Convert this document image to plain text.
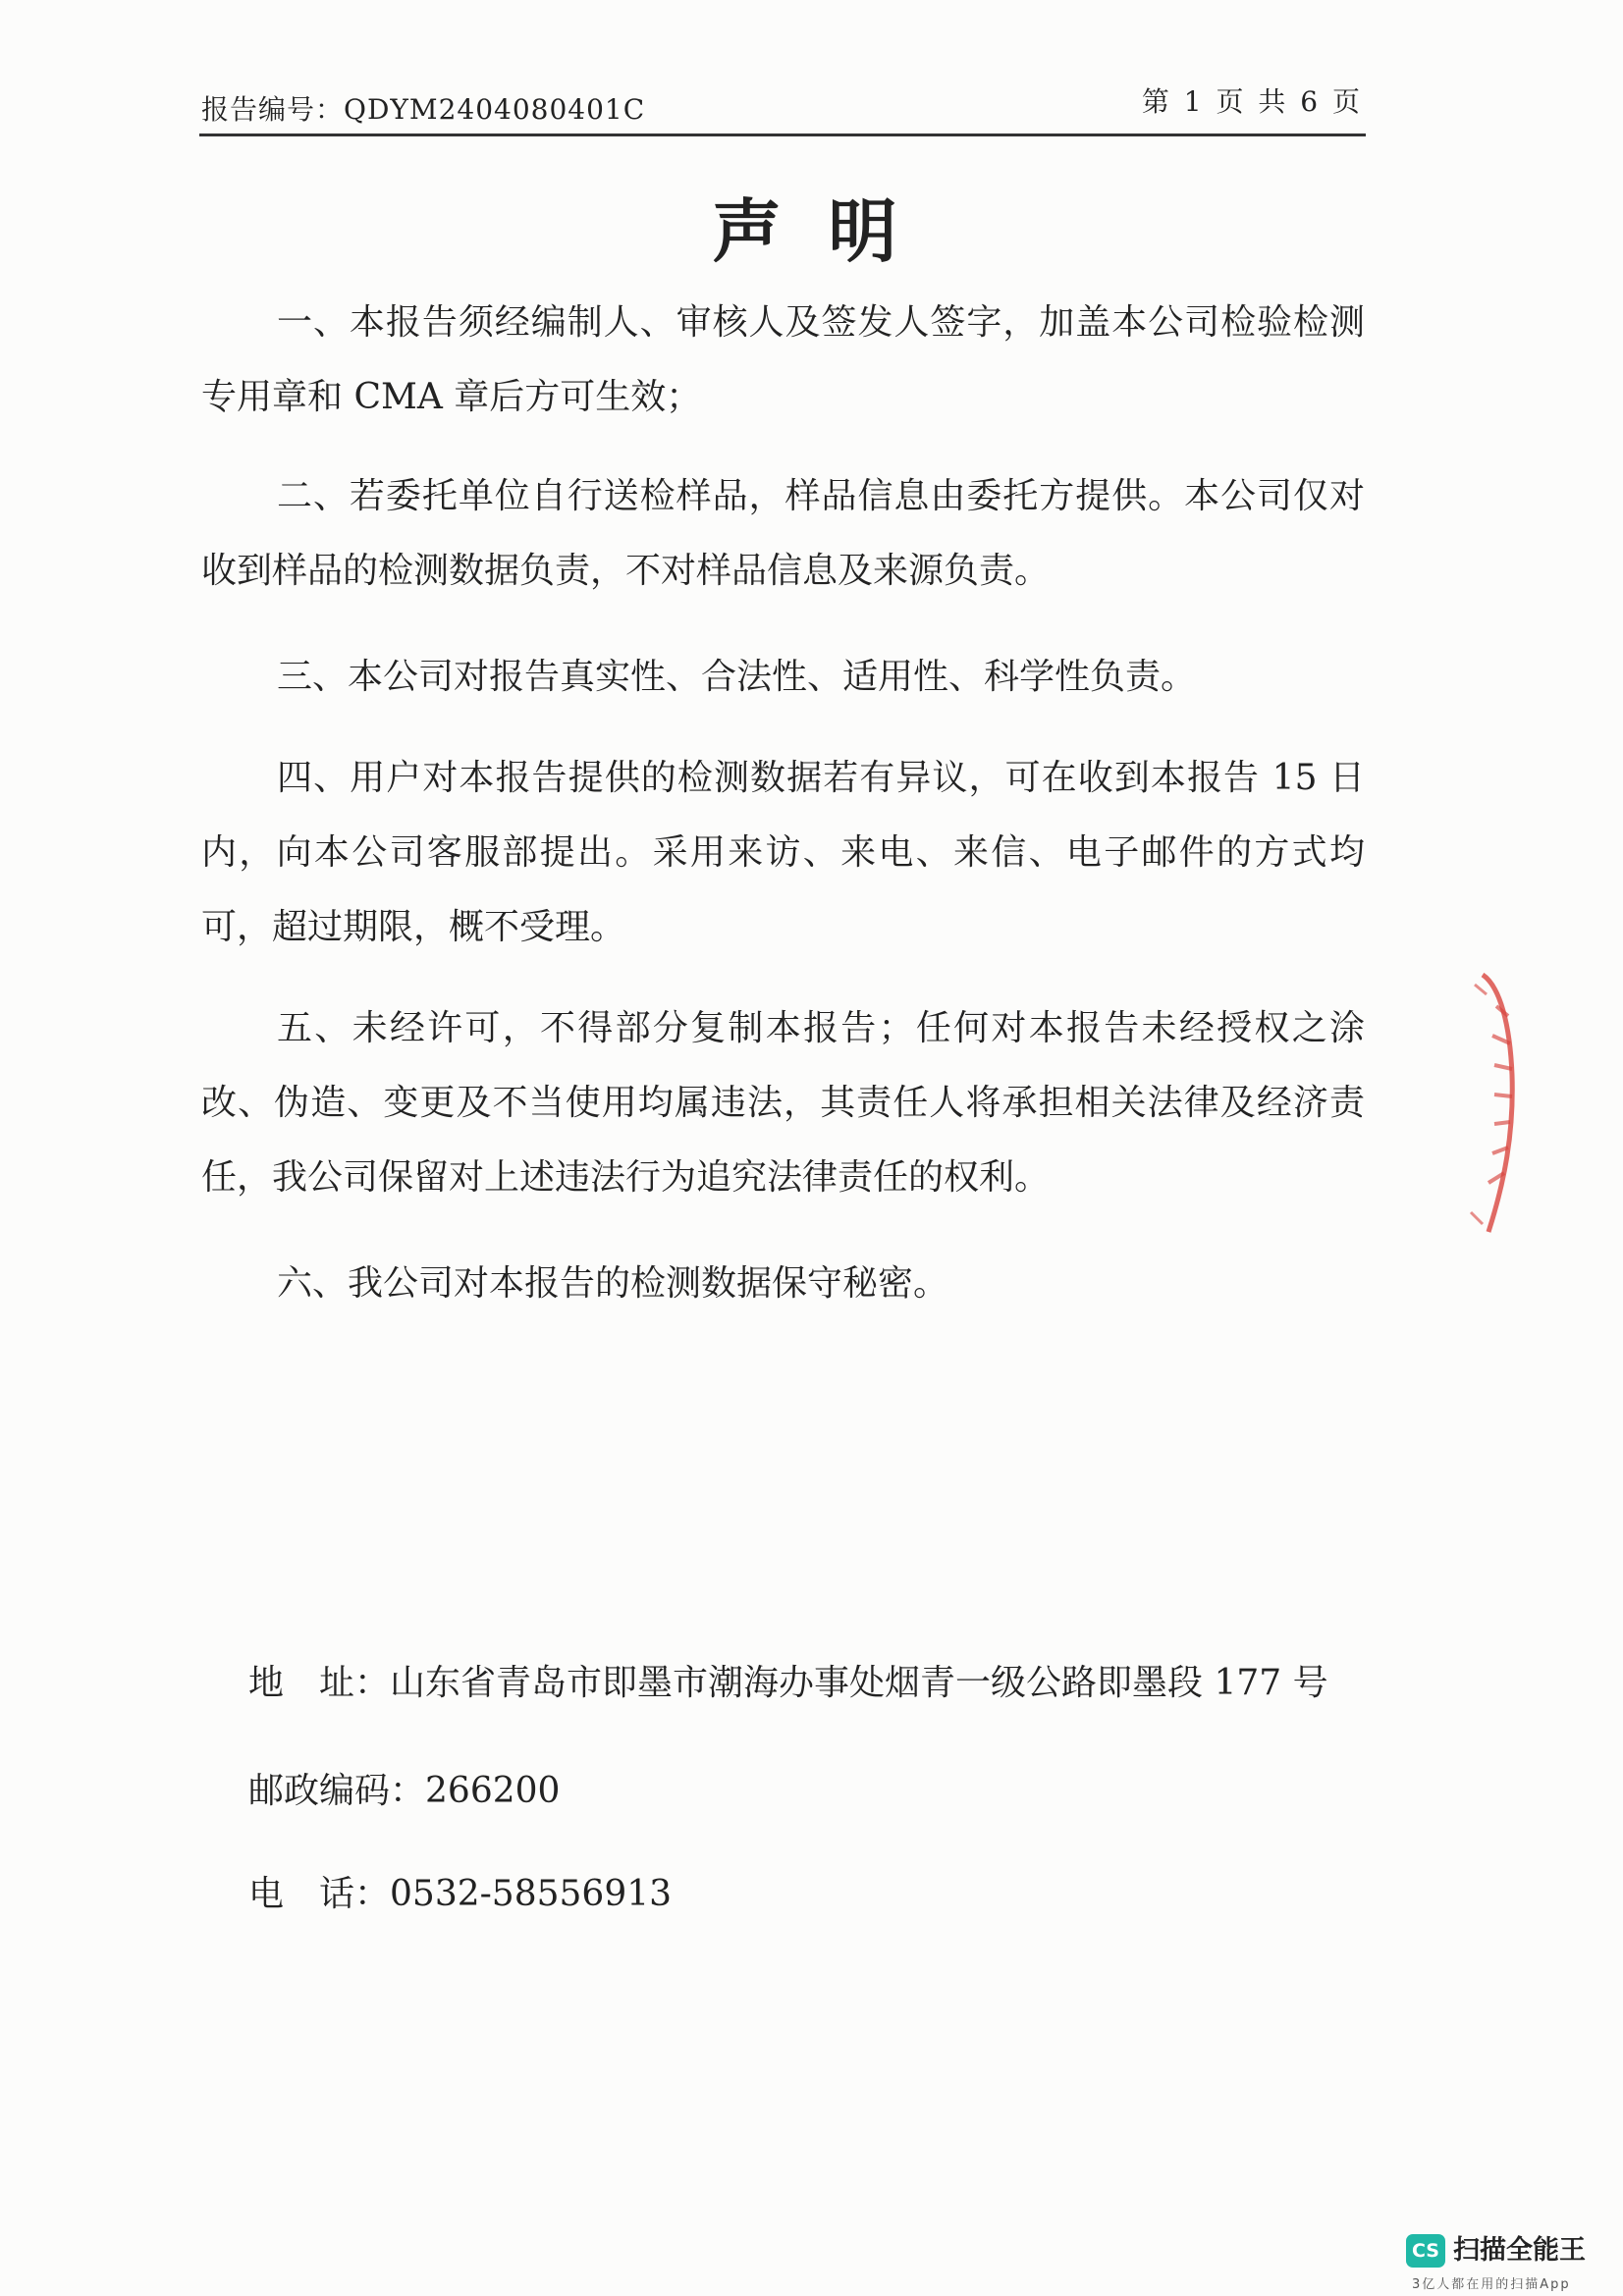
报告编号：QDYM2404080401C	第 1 页 共 6 页
声明

一、本报告须经编制人、审核人及签发人签字，加盖本公司检验检测专用章和 CMA 章后方可生效；

二、若委托单位自行送检样品，样品信息由委托方提供。本公司仅对收到样品的检测数据负责，不对样品信息及来源负责。

三、本公司对报告真实性、合法性、适用性、科学性负责。

四、用户对本报告提供的检测数据若有异议，可在收到本报告 15 日内，向本公司客服部提出。采用来访、来电、来信、电子邮件的方式均可，超过期限，概不受理。

五、未经许可，不得部分复制本报告；任何对本报告未经授权之涂改、伪造、变更及不当使用均属违法，其责任人将承担相关法律及经济责任，我公司保留对上述违法行为追究法律责任的权利。

六、我公司对本报告的检测数据保守秘密。

地　址：山东省青岛市即墨市潮海办事处烟青一级公路即墨段 177 号
邮政编码：266200
电　话：0532-58556913
CS 扫描全能王
3亿人都在用的扫描App
